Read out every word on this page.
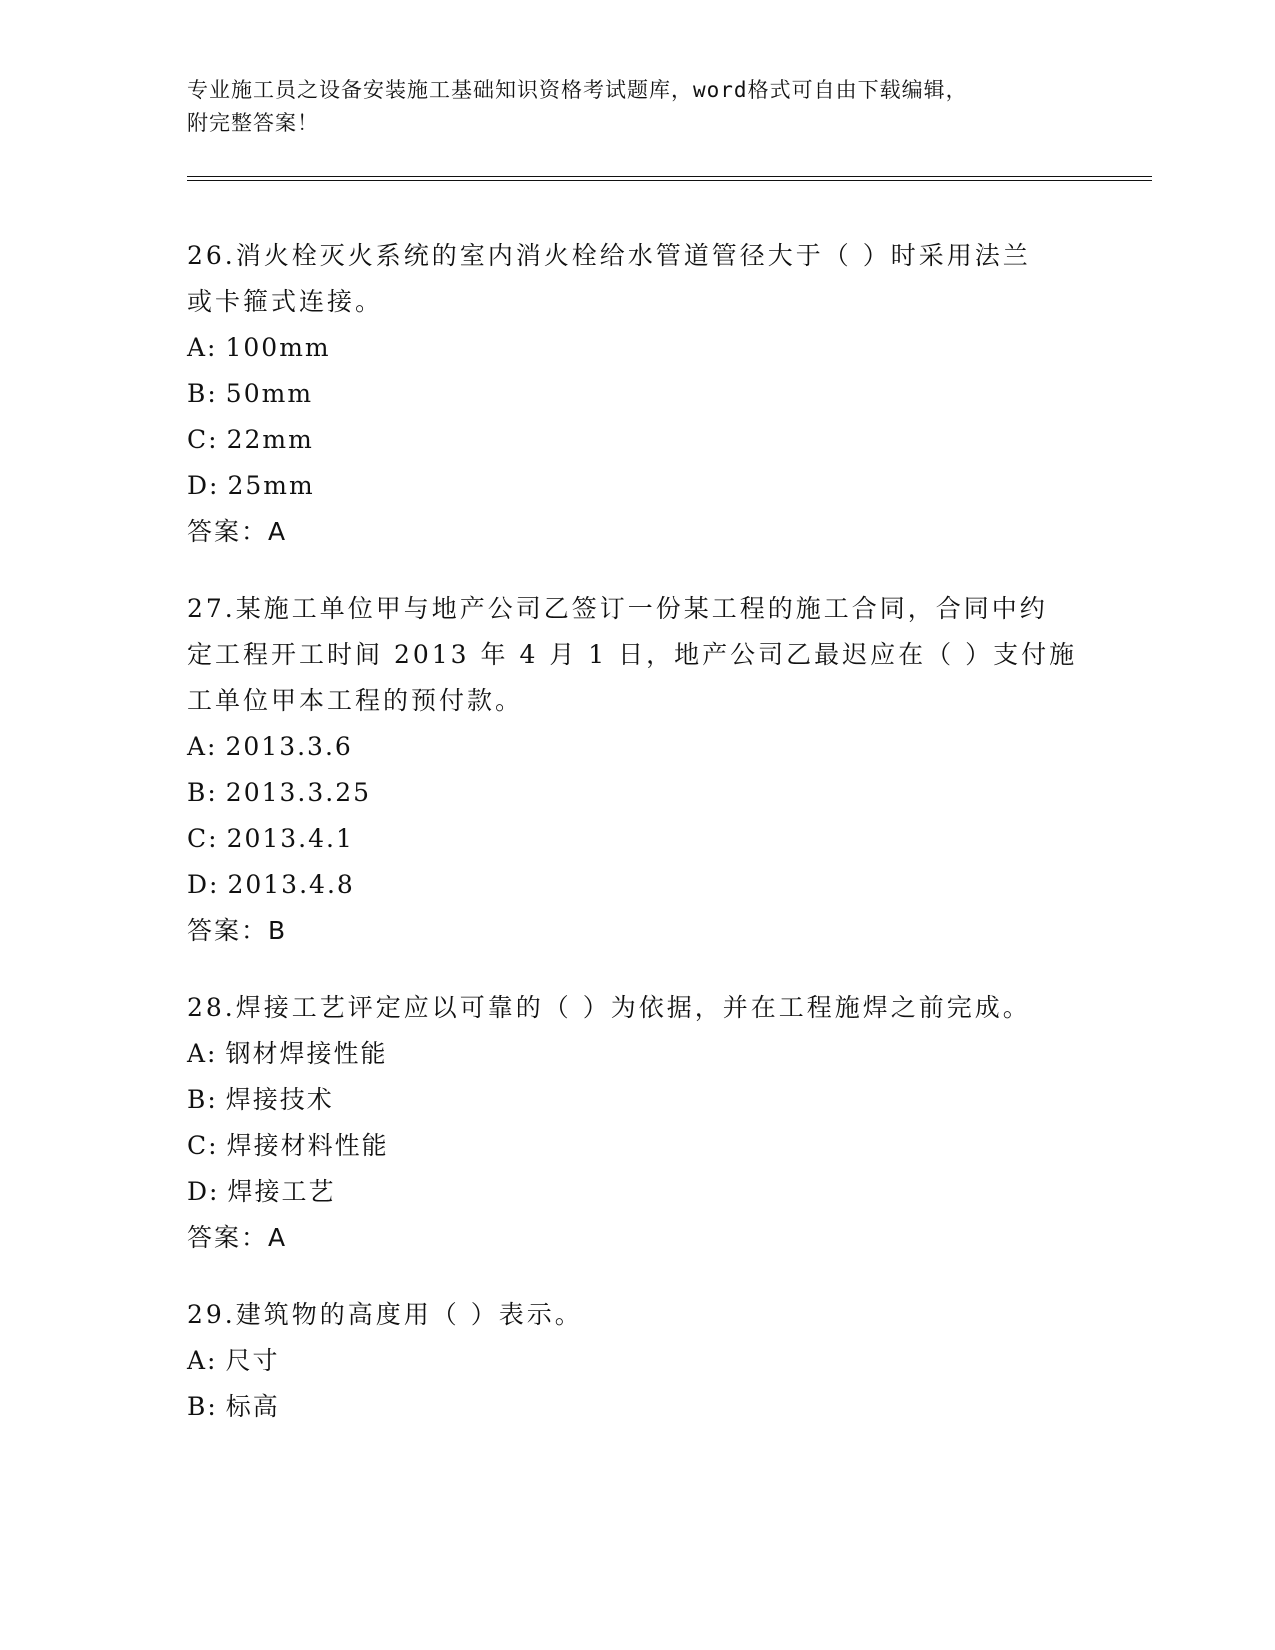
专业施工员之设备安装施工基础知识资格考试题库，word格式可自由下载编辑，
附完整答案！

26.消火栓灭火系统的室内消火栓给水管道管径大于（ ）时采用法兰

或卡箍式连接。

A: 100mm

B: 50mm

C: 22mm

D: 25mm

答案：A

27.某施工单位甲与地产公司乙签订一份某工程的施工合同，合同中约

定工程开工时间 2013 年 4 月 1 日，地产公司乙最迟应在（ ）支付施

工单位甲本工程的预付款。

A: 2013.3.6

B: 2013.3.25

C: 2013.4.1

D: 2013.4.8

答案：B

28.焊接工艺评定应以可靠的（ ）为依据，并在工程施焊之前完成。

A: 钢材焊接性能

B: 焊接技术

C: 焊接材料性能

D: 焊接工艺

答案：A

29.建筑物的高度用（ ）表示。

A: 尺寸

B: 标高
